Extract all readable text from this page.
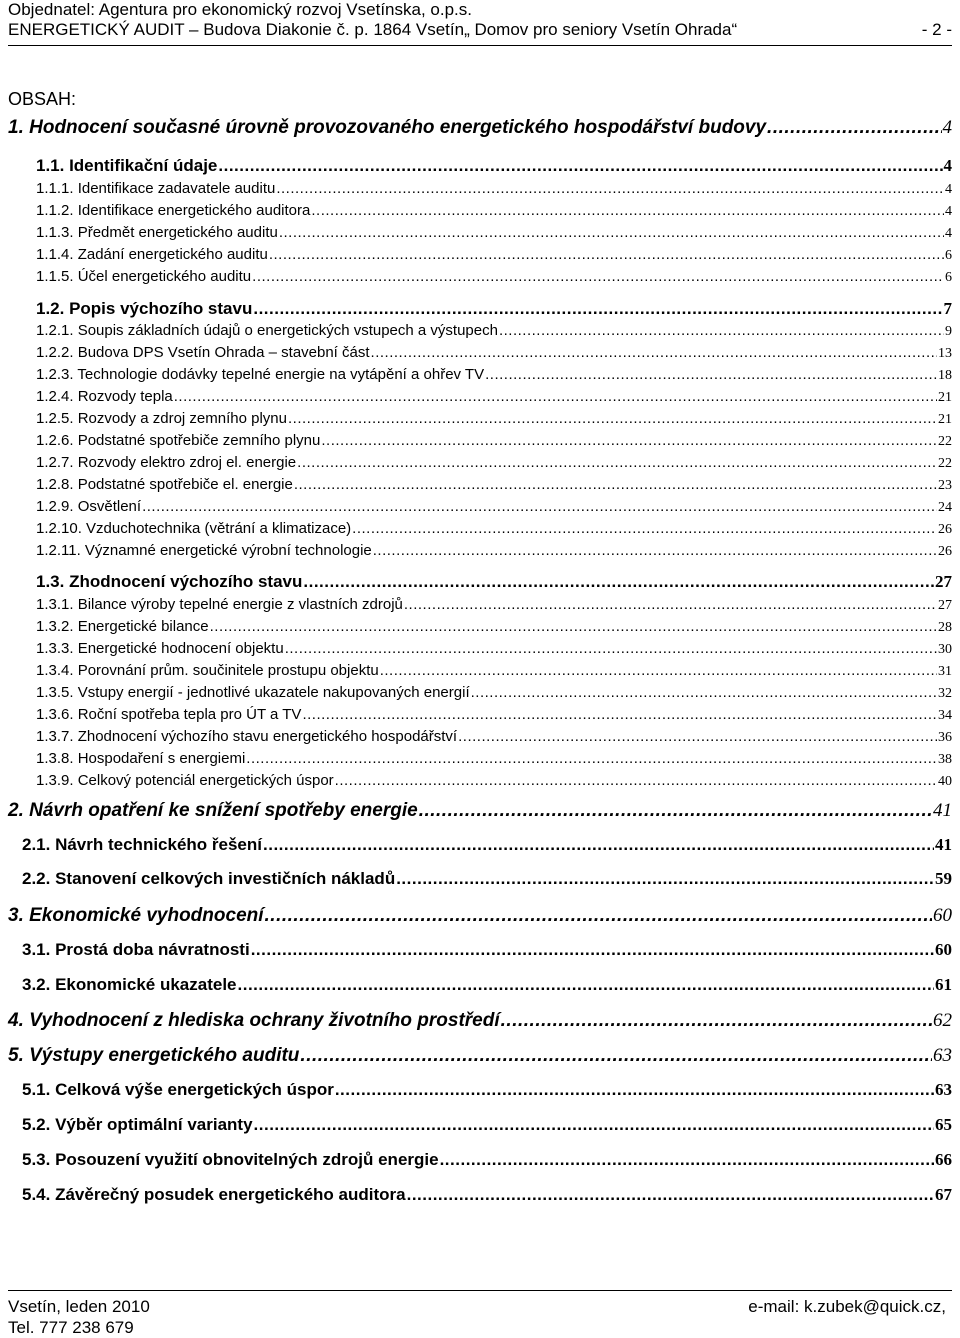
Objednatel: Agentura pro ekonomický rozvoj Vsetínska, o.p.s.
ENERGETICKÝ AUDIT – Budova Diakonie č. p. 1864 Vsetín„ Domov pro seniory Vsetín Ohrada“	- 2 -
OBSAH:
1. Hodnocení současné úrovně provozovaného energetického hospodářství budovy .....	4
1.1. Identifikační údaje .....	4
1.1.1. Identifikace zadavatele auditu .....	4
1.1.2. Identifikace energetického auditora .....	4
1.1.3. Předmět energetického auditu .....	4
1.1.4. Zadání energetického auditu .....	6
1.1.5. Účel energetického auditu .....	6
1.2. Popis výchozího stavu .....	7
1.2.1. Soupis základních údajů o energetických vstupech a výstupech .....	9
1.2.2. Budova DPS Vsetín Ohrada – stavební část .....	13
1.2.3. Technologie dodávky tepelné energie na vytápění a ohřev TV .....	18
1.2.4. Rozvody tepla .....	21
1.2.5. Rozvody a zdroj zemního plynu .....	21
1.2.6. Podstatné spotřebiče zemního plynu .....	22
1.2.7. Rozvody elektro zdroj el. energie .....	22
1.2.8. Podstatné spotřebiče el. energie .....	23
1.2.9. Osvětlení .....	24
1.2.10. Vzduchotechnika (větrání a klimatizace) .....	26
1.2.11. Významné energetické výrobní technologie .....	26
1.3. Zhodnocení výchozího stavu .....	27
1.3.1. Bilance výroby tepelné energie z vlastních zdrojů .....	27
1.3.2. Energetické bilance .....	28
1.3.3. Energetické hodnocení objektu .....	30
1.3.4. Porovnání prům. součinitele prostupu objektu .....	31
1.3.5. Vstupy energií - jednotlivé ukazatele nakupovaných energií .....	32
1.3.6. Roční spotřeba tepla pro ÚT a TV .....	34
1.3.7. Zhodnocení výchozího stavu energetického hospodářství .....	36
1.3.8. Hospodaření s energiemi .....	38
1.3.9. Celkový potenciál energetických úspor .....	40
2. Návrh opatření ke snížení spotřeby energie .....	41
2.1. Návrh technického řešení .....	41
2.2. Stanovení celkových investičních nákladů .....	59
3. Ekonomické vyhodnocení .....	60
3.1. Prostá doba návratnosti .....	60
3.2. Ekonomické ukazatele .....	61
4. Vyhodnocení z hlediska ochrany životního prostředí .....	62
5. Výstupy energetického auditu .....	63
5.1. Celková výše energetických úspor .....	63
5.2. Výběr optimální varianty .....	65
5.3. Posouzení využití obnovitelných zdrojů energie .....	66
5.4. Závěrečný posudek energetického auditora .....	67
Vsetín, leden 2010	e-mail: k.zubek@quick.cz,
Tel. 777 238 679
